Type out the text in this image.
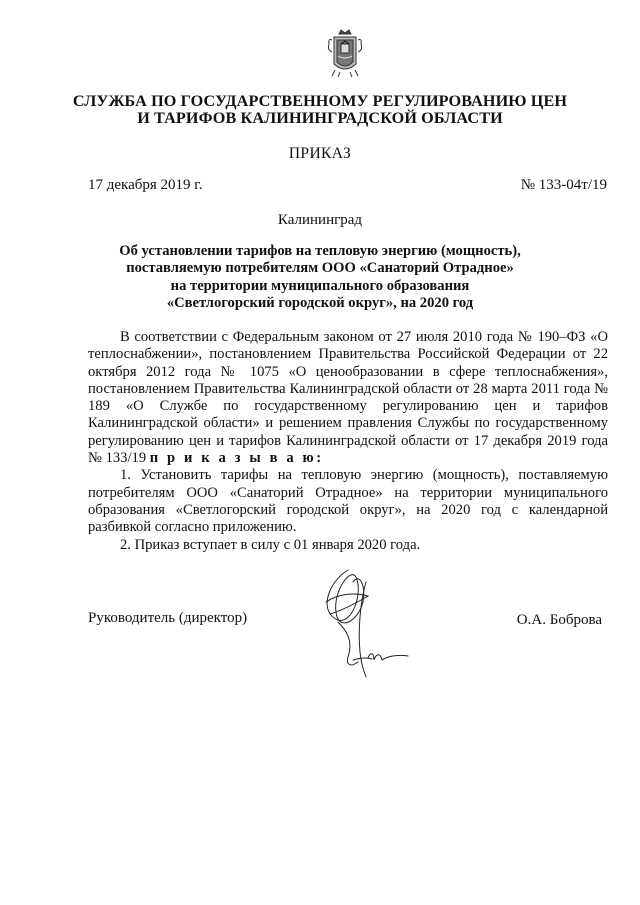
СЛУЖБА ПО ГОСУДАРСТВЕННОМУ РЕГУЛИРОВАНИЮ ЦЕН
И ТАРИФОВ КАЛИНИНГРАДСКОЙ ОБЛАСТИ
ПРИКАЗ
17 декабря 2019 г.	№ 133-04т/19
Калининград
Об установлении тарифов на тепловую энергию (мощность),
поставляемую потребителям ООО «Санаторий Отрадное»
на территории муниципального образования
«Светлогорский городской округ», на 2020 год
В соответствии с Федеральным законом от 27 июля 2010 года № 190–ФЗ «О теплоснабжении», постановлением Правительства Российской Федерации от 22 октября 2012 года № 1075 «О ценообразовании в сфере теплоснабжения», постановлением Правительства Калининградской области от 28 марта 2011 года № 189 «О Службе по государственному регулированию цен и тарифов Калининградской области» и решением правления Службы по государственному регулированию цен и тарифов Калининградской области от 17 декабря 2019 года № 133/19 п р и к а з ы в а ю:
1. Установить тарифы на тепловую энергию (мощность), поставляемую потребителям ООО «Санаторий Отрадное» на территории муниципального образования «Светлогорский городской округ», на 2020 год с календарной разбивкой согласно приложению.
2. Приказ вступает в силу с 01 января 2020 года.
Руководитель (директор)	О.А. Боброва
